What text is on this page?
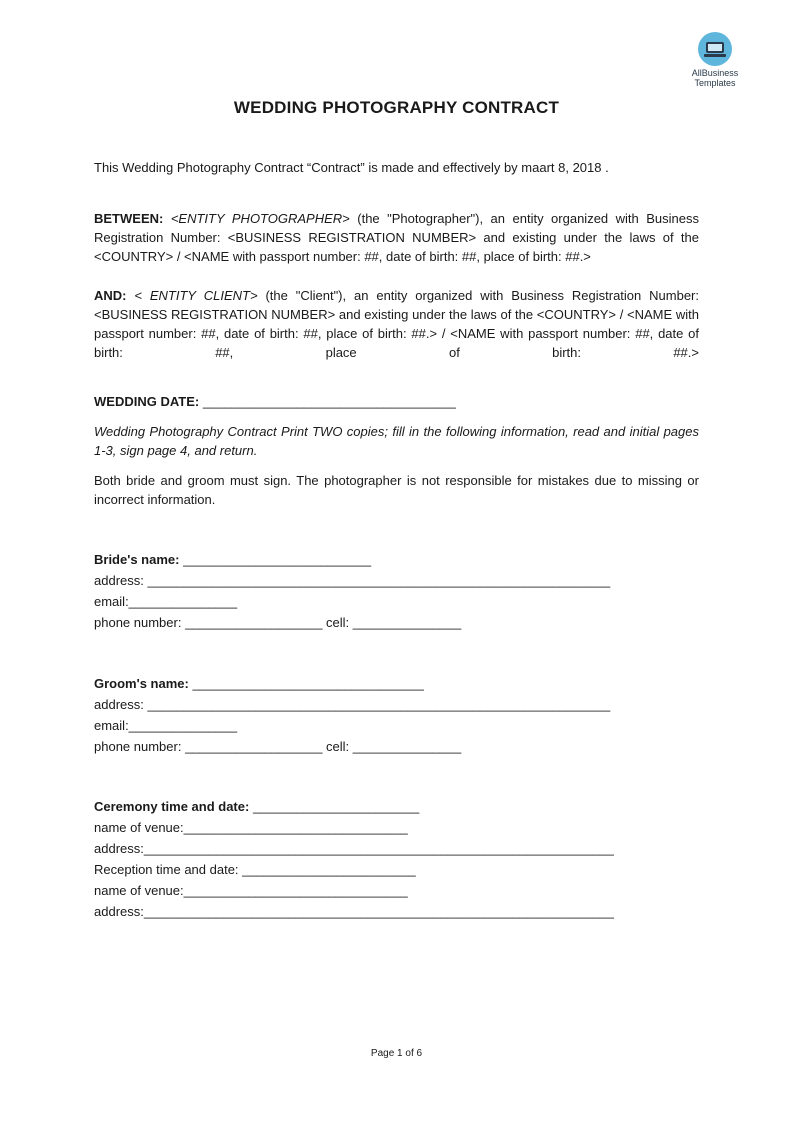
AllBusiness
Templates
WEDDING PHOTOGRAPHY CONTRACT
This Wedding Photography Contract “Contract” is made and effectively by maart 8, 2018 .
BETWEEN: <ENTITY PHOTOGRAPHER> (the "Photographer"), an entity organized with Business Registration Number: <BUSINESS REGISTRATION NUMBER> and existing under the laws of the <COUNTRY> / <NAME with passport number: ##, date of birth: ##, place of birth: ##.>
AND: < ENTITY CLIENT> (the "Client"), an entity organized with Business Registration Number: <BUSINESS REGISTRATION NUMBER> and existing under the laws of the <COUNTRY> / <NAME with passport number: ##, date of birth: ##, place of birth: ##.> / <NAME with passport number: ##, date of birth: ##, place of birth: ##.>
WEDDING DATE: ___________________________________
Wedding Photography Contract Print TWO copies; fill in the following information, read and initial pages 1-3, sign page 4, and return.
Both bride and groom must sign. The photographer is not responsible for mistakes due to missing or incorrect information.
Bride's name: __________________________
address: ________________________________________________________________
email:_______________
phone number: ___________________ cell: _______________
Groom's name: ________________________________
address: ________________________________________________________________
email:_______________
phone number: ___________________ cell: _______________
Ceremony time and date: _______________________
name of venue:_______________________________
address:_________________________________________________________________
Reception time and date: ________________________
name of venue:_______________________________
address:_________________________________________________________________
Page 1 of 6
